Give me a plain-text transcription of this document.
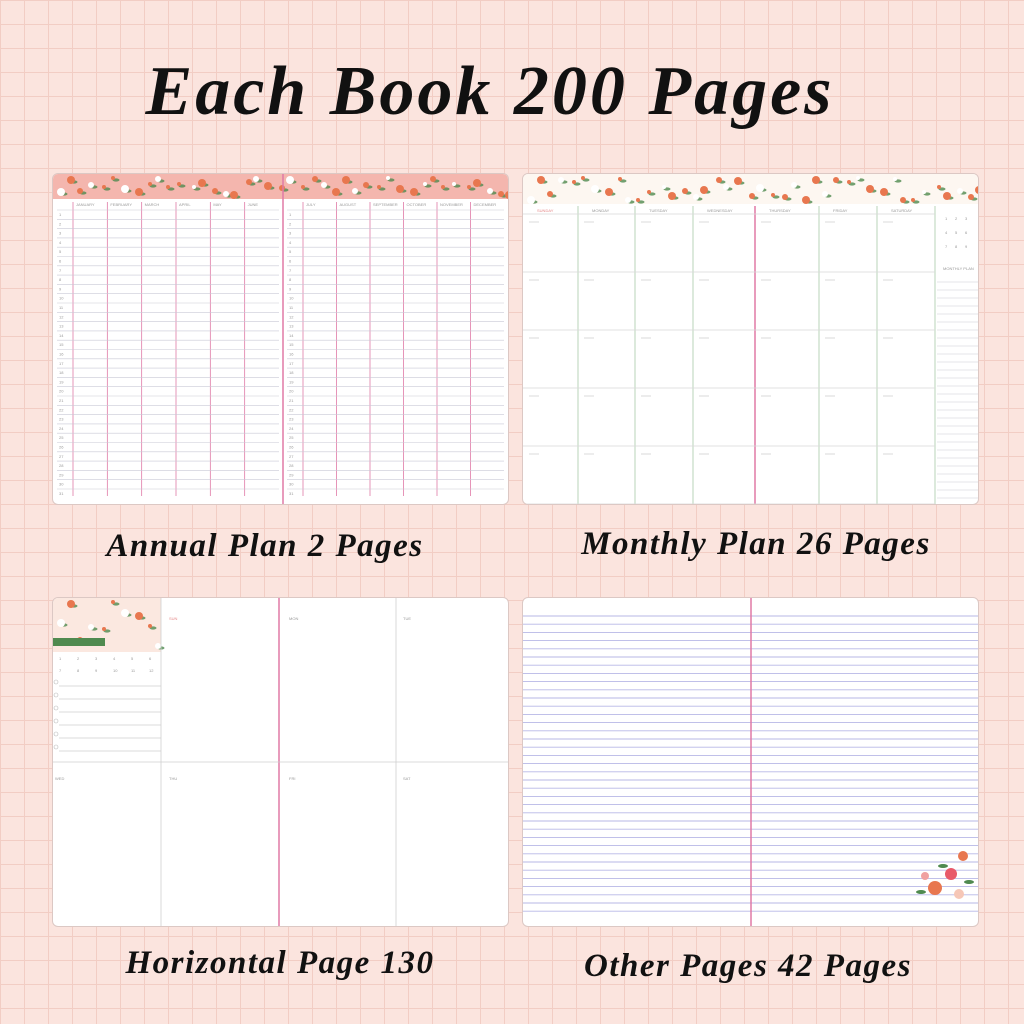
Each Book 200 Pages
JANUARY	FEBRUARY	MARCH	APRIL	MAY	JUNE
1
2
3
4
5
6
7
8
9
10
11
12
13
14
15
16
17
18
19
20
21
22
23
24
25
26
27
28
29
30
31
JULY	AUGUST	SEPTEMBER OCTOBER	NOVEMBER	DECEMBER
1
2
3
4
5
6
7
8
9
10
11
12
13
14
15
16
17
18
19
20
21
22
23
24
25
26
27
28
29
30
31
Annual Plan 2 Pages
SUNDAY	MONDAY	TUESDAY	WEDNESDAY	THURSDAY	FRIDAY	SATURDAY
MONTHLY PLAN
1 2 3
4 5 6
7 8 9
Monthly Plan 26 Pages
1	2	3	4	5	6
7	8	9	10	11	12
SUN	MON	TUE
WED	THU	FRI	SAT
Horizontal Page 130	Other Pages 42 Pages
